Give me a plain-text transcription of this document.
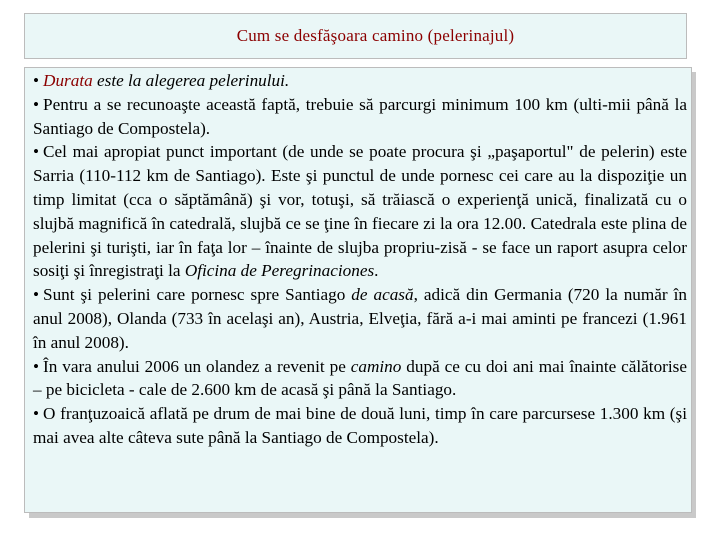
Cum se desfăşoara camino (pelerinajul)

• Durata este la alegerea pelerinului.

• Pentru a se recunoaşte această faptă, trebuie să parcurgi minimum 100 km (ulti-mii până la Santiago de Compostela).

• Cel mai apropiat punct important (de unde se poate procura şi „paşaportul" de pelerin) este Sarria (110-112 km de Santiago). Este şi punctul de unde pornesc cei care au la dispoziţie un timp limitat (cca o săptămână) şi vor, totuşi, să trăiască o experienţă unică, finalizată cu o slujbă magnifică în catedrală, slujbă ce se ţine în fiecare zi la ora 12.00. Catedrala este plina de pelerini şi turişti, iar în faţa lor – înainte de slujba propriu-zisă - se face un raport asupra celor sosiţi şi înregistraţi la Oficina de Peregrinaciones.

• Sunt şi pelerini care pornesc spre Santiago de acasă, adică din Germania (720 la număr în anul 2008), Olanda (733 în acelaşi an), Austria, Elveţia, fără a-i mai aminti pe francezi (1.961 în anul 2008).

• În vara anului 2006 un olandez a revenit pe camino după ce cu doi ani mai înainte călătorise – pe bicicleta - cale de 2.600 km de acasă şi până la Santiago.

• O franţuzoaică aflată pe drum de mai bine de două luni, timp în care parcursese 1.300 km (şi mai avea alte câteva sute până la Santiago de Compostela).
